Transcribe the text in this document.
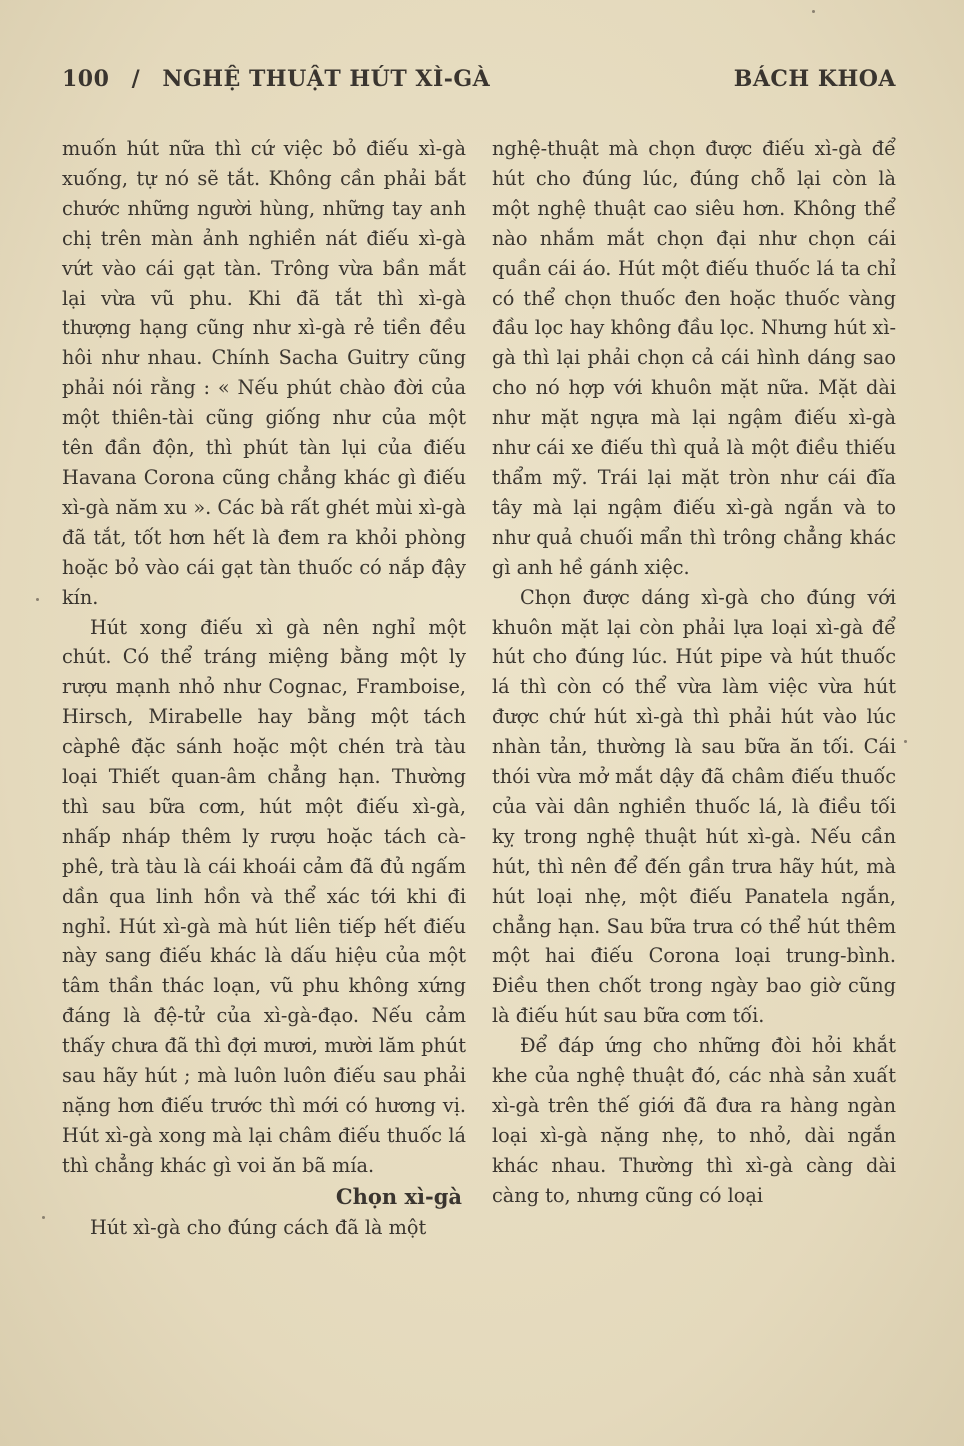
100 / NGHỆ THUẬT HÚT XÌ-GÀ	BÁCH KHOA

muốn hút nữa thì cứ việc bỏ điếu xì-gà xuống, tự nó sẽ tắt. Không cần phải bắt chước những người hùng, những tay anh chị trên màn ảnh nghiền nát điếu xì-gà vứt vào cái gạt tàn. Trông vừa bần mắt lại vừa vũ phu. Khi đã tắt thì xì-gà thượng hạng cũng như xì-gà rẻ tiền đều hôi như nhau. Chính Sacha Guitry cũng phải nói rằng : « Nếu phút chào đời của một thiên-tài cũng giống như của một tên đần độn, thì phút tàn lụi của điếu Havana Corona cũng chẳng khác gì điếu xì-gà năm xu ». Các bà rất ghét mùi xì-gà đã tắt, tốt hơn hết là đem ra khỏi phòng hoặc bỏ vào cái gạt tàn thuốc có nắp đậy kín.

Hút xong điếu xì gà nên nghỉ một chút. Có thể tráng miệng bằng một ly rượu mạnh nhỏ như Cognac, Framboise, Hirsch, Mirabelle hay bằng một tách càphê đặc sánh hoặc một chén trà tàu loại Thiết quan-âm chẳng hạn. Thường thì sau bữa cơm, hút một điếu xì-gà, nhấp nháp thêm ly rượu hoặc tách cà-phê, trà tàu là cái khoái cảm đã đủ ngấm dần qua linh hồn và thể xác tới khi đi nghỉ. Hút xì-gà mà hút liên tiếp hết điếu này sang điếu khác là dấu hiệu của một tâm thần thác loạn, vũ phu không xứng đáng là đệ-tử của xì-gà-đạo. Nếu cảm thấy chưa đã thì đợi mươi, mười lăm phút sau hãy hút ; mà luôn luôn điếu sau phải nặng hơn điếu trước thì mới có hương vị. Hút xì-gà xong mà lại châm điếu thuốc lá thì chẳng khác gì voi ăn bã mía.

Chọn xì-gà

Hút xì-gà cho đúng cách đã là một

nghệ-thuật mà chọn được điếu xì-gà để hút cho đúng lúc, đúng chỗ lại còn là một nghệ thuật cao siêu hơn. Không thể nào nhắm mắt chọn đại như chọn cái quần cái áo. Hút một điếu thuốc lá ta chỉ có thể chọn thuốc đen hoặc thuốc vàng đầu lọc hay không đầu lọc. Nhưng hút xì-gà thì lại phải chọn cả cái hình dáng sao cho nó hợp với khuôn mặt nữa. Mặt dài như mặt ngựa mà lại ngậm điếu xì-gà như cái xe điếu thì quả là một điều thiếu thẩm mỹ. Trái lại mặt tròn như cái đĩa tây mà lại ngậm điếu xì-gà ngắn và to như quả chuối mẩn thì trông chẳng khác gì anh hề gánh xiệc.

Chọn được dáng xì-gà cho đúng với khuôn mặt lại còn phải lựa loại xì-gà để hút cho đúng lúc. Hút pipe và hút thuốc lá thì còn có thể vừa làm việc vừa hút được chứ hút xì-gà thì phải hút vào lúc nhàn tản, thường là sau bữa ăn tối. Cái thói vừa mở mắt dậy đã châm điếu thuốc của vài dân nghiền thuốc lá, là điều tối kỵ trong nghệ thuật hút xì-gà. Nếu cần hút, thì nên để đến gần trưa hãy hút, mà hút loại nhẹ, một điếu Panatela ngắn, chẳng hạn. Sau bữa trưa có thể hút thêm một hai điếu Corona loại trung-bình. Điều then chốt trong ngày bao giờ cũng là điếu hút sau bữa cơm tối.

Để đáp ứng cho những đòi hỏi khắt khe của nghệ thuật đó, các nhà sản xuất xì-gà trên thế giới đã đưa ra hàng ngàn loại xì-gà nặng nhẹ, to nhỏ, dài ngắn khác nhau. Thường thì xì-gà càng dài càng to, nhưng cũng có loại
